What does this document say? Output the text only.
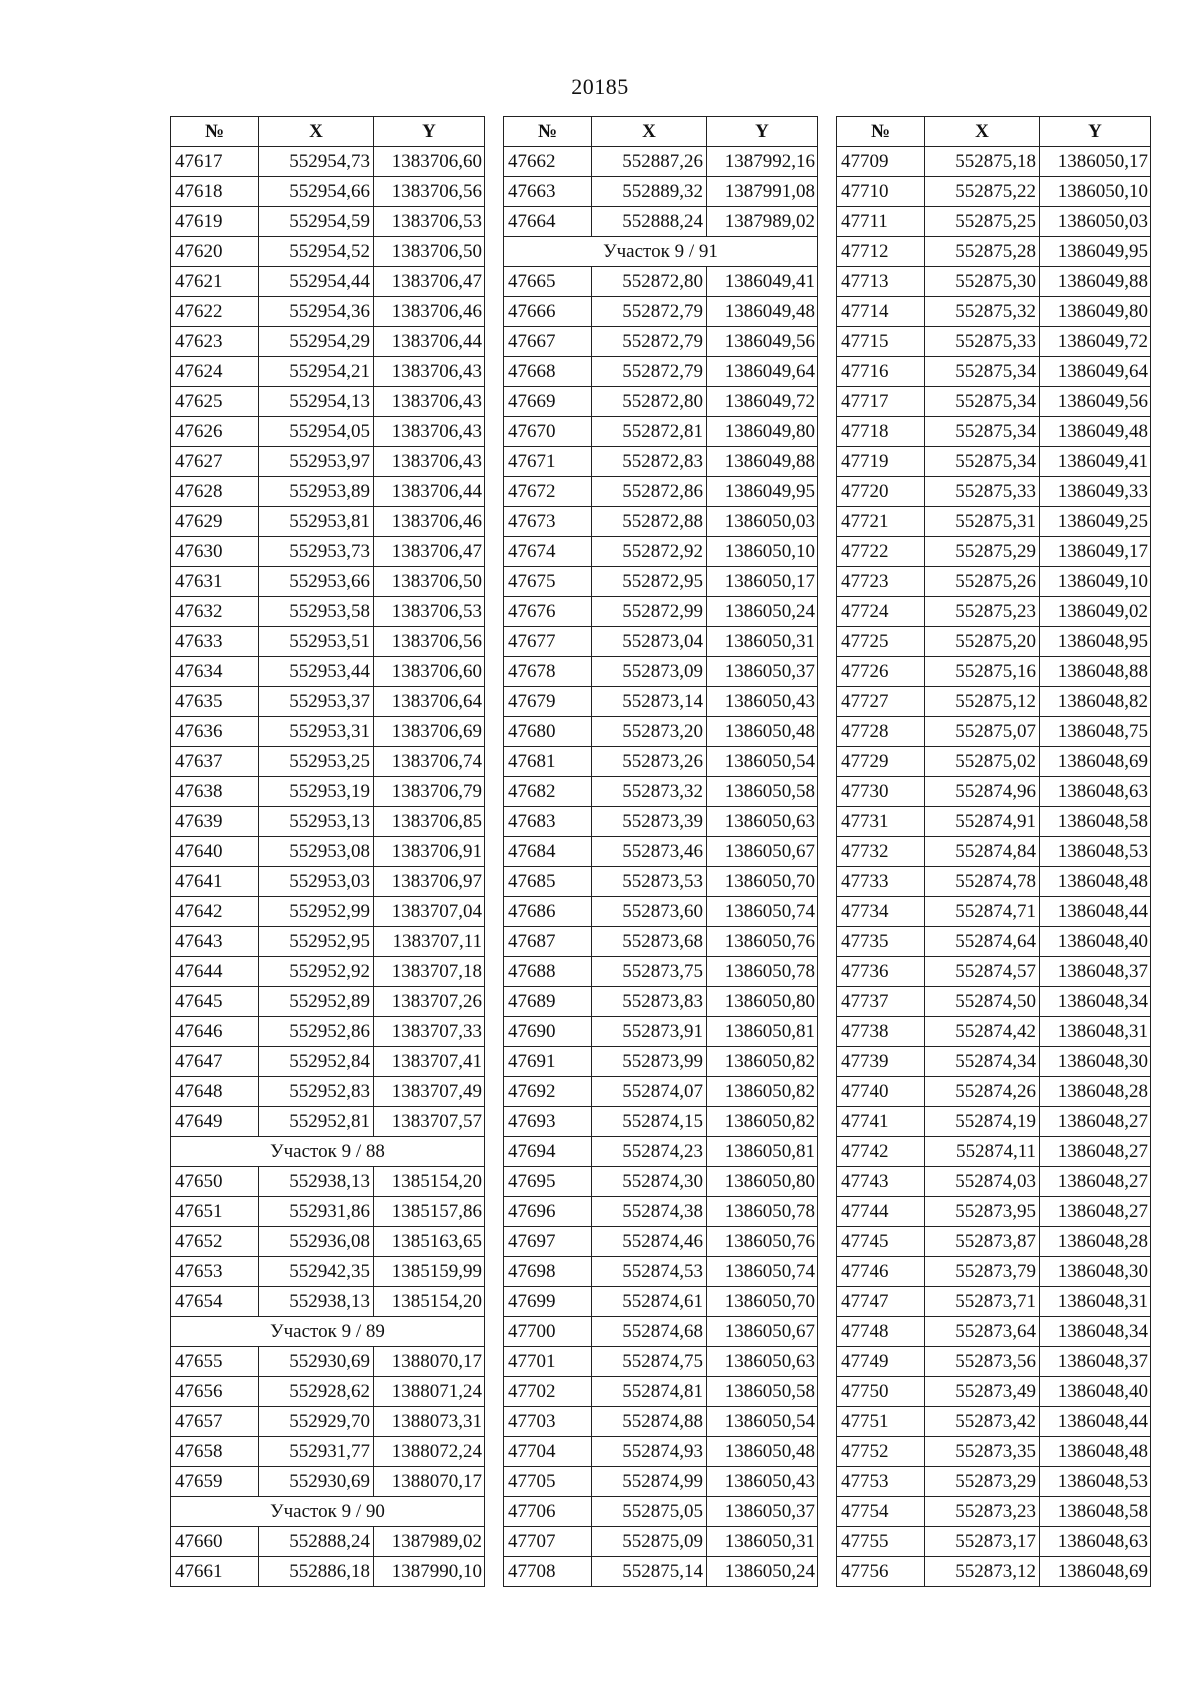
20185
№	X	Y
47617	552954,73	1383706,60
47618	552954,66	1383706,56
47619	552954,59	1383706,53
47620	552954,52	1383706,50
47621	552954,44	1383706,47
47622	552954,36	1383706,46
47623	552954,29	1383706,44
47624	552954,21	1383706,43
47625	552954,13	1383706,43
47626	552954,05	1383706,43
47627	552953,97	1383706,43
47628	552953,89	1383706,44
47629	552953,81	1383706,46
47630	552953,73	1383706,47
47631	552953,66	1383706,50
47632	552953,58	1383706,53
47633	552953,51	1383706,56
47634	552953,44	1383706,60
47635	552953,37	1383706,64
47636	552953,31	1383706,69
47637	552953,25	1383706,74
47638	552953,19	1383706,79
47639	552953,13	1383706,85
47640	552953,08	1383706,91
47641	552953,03	1383706,97
47642	552952,99	1383707,04
47643	552952,95	1383707,11
47644	552952,92	1383707,18
47645	552952,89	1383707,26
47646	552952,86	1383707,33
47647	552952,84	1383707,41
47648	552952,83	1383707,49
47649	552952,81	1383707,57
Участок 9 / 88		
47650	552938,13	1385154,20
47651	552931,86	1385157,86
47652	552936,08	1385163,65
47653	552942,35	1385159,99
47654	552938,13	1385154,20
Участок 9 / 89		
47655	552930,69	1388070,17
47656	552928,62	1388071,24
47657	552929,70	1388073,31
47658	552931,77	1388072,24
47659	552930,69	1388070,17
Участок 9 / 90		
47660	552888,24	1387989,02
47661	552886,18	1387990,10
№	X	Y
47662	552887,26	1387992,16
47663	552889,32	1387991,08
47664	552888,24	1387989,02
Участок 9 / 91		
47665	552872,80	1386049,41
47666	552872,79	1386049,48
47667	552872,79	1386049,56
47668	552872,79	1386049,64
47669	552872,80	1386049,72
47670	552872,81	1386049,80
47671	552872,83	1386049,88
47672	552872,86	1386049,95
47673	552872,88	1386050,03
47674	552872,92	1386050,10
47675	552872,95	1386050,17
47676	552872,99	1386050,24
47677	552873,04	1386050,31
47678	552873,09	1386050,37
47679	552873,14	1386050,43
47680	552873,20	1386050,48
47681	552873,26	1386050,54
47682	552873,32	1386050,58
47683	552873,39	1386050,63
47684	552873,46	1386050,67
47685	552873,53	1386050,70
47686	552873,60	1386050,74
47687	552873,68	1386050,76
47688	552873,75	1386050,78
47689	552873,83	1386050,80
47690	552873,91	1386050,81
47691	552873,99	1386050,82
47692	552874,07	1386050,82
47693	552874,15	1386050,82
47694	552874,23	1386050,81
47695	552874,30	1386050,80
47696	552874,38	1386050,78
47697	552874,46	1386050,76
47698	552874,53	1386050,74
47699	552874,61	1386050,70
47700	552874,68	1386050,67
47701	552874,75	1386050,63
47702	552874,81	1386050,58
47703	552874,88	1386050,54
47704	552874,93	1386050,48
47705	552874,99	1386050,43
47706	552875,05	1386050,37
47707	552875,09	1386050,31
47708	552875,14	1386050,24
№	X	Y
47709	552875,18	1386050,17
47710	552875,22	1386050,10
47711	552875,25	1386050,03
47712	552875,28	1386049,95
47713	552875,30	1386049,88
47714	552875,32	1386049,80
47715	552875,33	1386049,72
47716	552875,34	1386049,64
47717	552875,34	1386049,56
47718	552875,34	1386049,48
47719	552875,34	1386049,41
47720	552875,33	1386049,33
47721	552875,31	1386049,25
47722	552875,29	1386049,17
47723	552875,26	1386049,10
47724	552875,23	1386049,02
47725	552875,20	1386048,95
47726	552875,16	1386048,88
47727	552875,12	1386048,82
47728	552875,07	1386048,75
47729	552875,02	1386048,69
47730	552874,96	1386048,63
47731	552874,91	1386048,58
47732	552874,84	1386048,53
47733	552874,78	1386048,48
47734	552874,71	1386048,44
47735	552874,64	1386048,40
47736	552874,57	1386048,37
47737	552874,50	1386048,34
47738	552874,42	1386048,31
47739	552874,34	1386048,30
47740	552874,26	1386048,28
47741	552874,19	1386048,27
47742	552874,11	1386048,27
47743	552874,03	1386048,27
47744	552873,95	1386048,27
47745	552873,87	1386048,28
47746	552873,79	1386048,30
47747	552873,71	1386048,31
47748	552873,64	1386048,34
47749	552873,56	1386048,37
47750	552873,49	1386048,40
47751	552873,42	1386048,44
47752	552873,35	1386048,48
47753	552873,29	1386048,53
47754	552873,23	1386048,58
47755	552873,17	1386048,63
47756	552873,12	1386048,69
